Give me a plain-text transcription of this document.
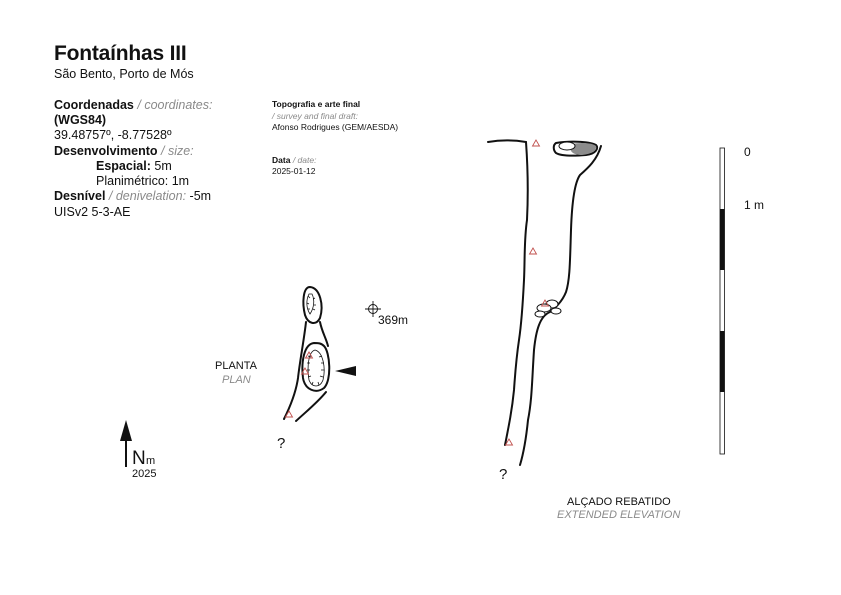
Fontaínhas III
São Bento, Porto de Mós
Coordenadas / coordinates:
(WGS84)
39.48757º, -8.77528º
Desenvolvimento / size:
Espacial: 5m
Planimétrico: 1m
Desnível / denivelation: -5m
UISv2 5-3-AE
Topografia e arte final
/ survey and final draft:
Afonso Rodrigues (GEM/AESDA)
Data / date:
2025-01-12
369m
PLANTA
PLAN
?
N m
2025	?
ALÇADO REBATIDO
EXTENDED ELEVATION
0
1 m
